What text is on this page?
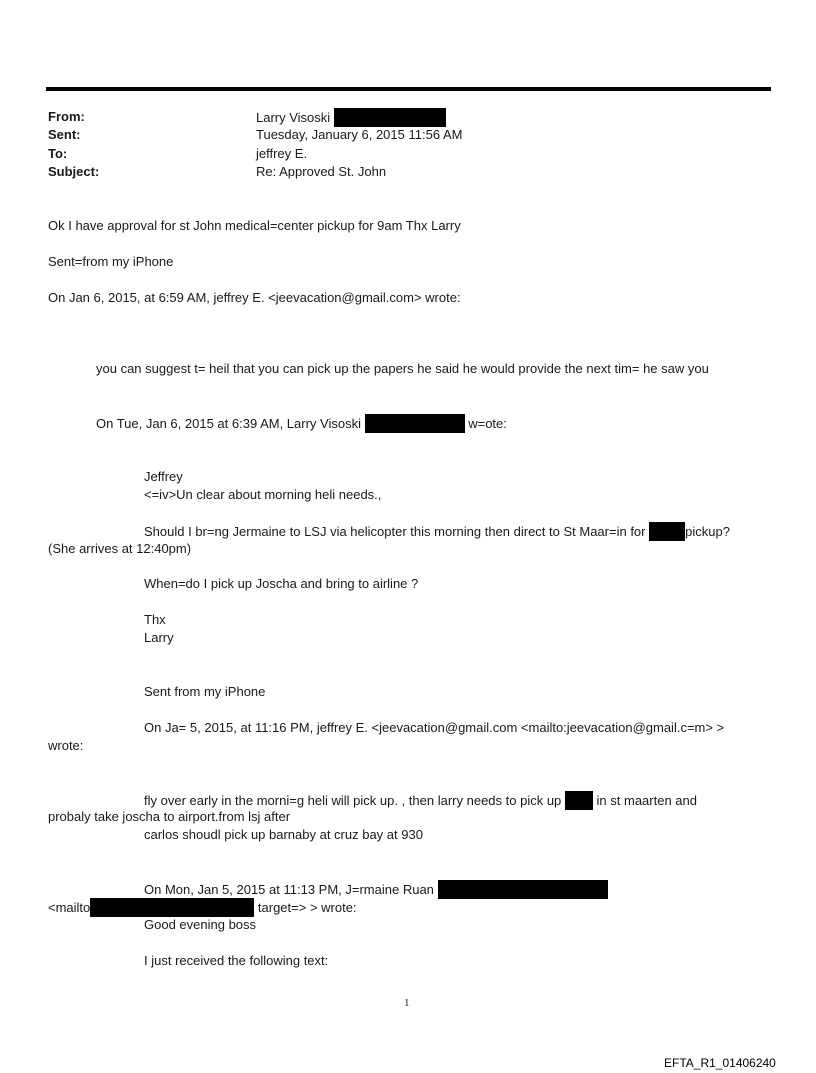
From:	Larry Visoski
Sent:	Tuesday, January 6, 2015 11:56 AM
To:	jeffrey E.
Subject:	Re: Approved St. John
Ok I have approval for st John medical=center pickup for 9am Thx Larry
Sent=from my iPhone
On Jan 6, 2015, at 6:59 AM, jeffrey E. <jeevacation@gmail.com> wrote:
you can suggest t= heil that you can pick up the papers he said he would provide the next tim= he saw you
On Tue, Jan 6, 2015 at 6:39 AM, Larry Visoski	w=ote:
Jeffrey
<=iv>Un clear about morning heli needs.,
Should I br=ng Jermaine to LSJ via helicopter this morning then direct to St Maar=in for	pickup?
(She arrives at 12:40pm)
When=do I pick up Joscha and bring to airline ?
Thx
Larry
Sent from my iPhone
On Ja= 5, 2015, at 11:16 PM, jeffrey E. <jeevacation@gmail.com <mailto:jeevacation@gmail.c=m> >
wrote:
fly over early in the morni=g heli will pick up. , then larry needs to pick up	in st maarten and
probaly take joscha to airport.from lsj after
carlos shoudl pick up barnaby at cruz bay at 930
On Mon, Jan 5, 2015 at 11:13 PM, J=rmaine Ruan
<mailto	target=> > wrote:
Good evening boss
I just received the following text:
1
EFTA_R1_01406240
